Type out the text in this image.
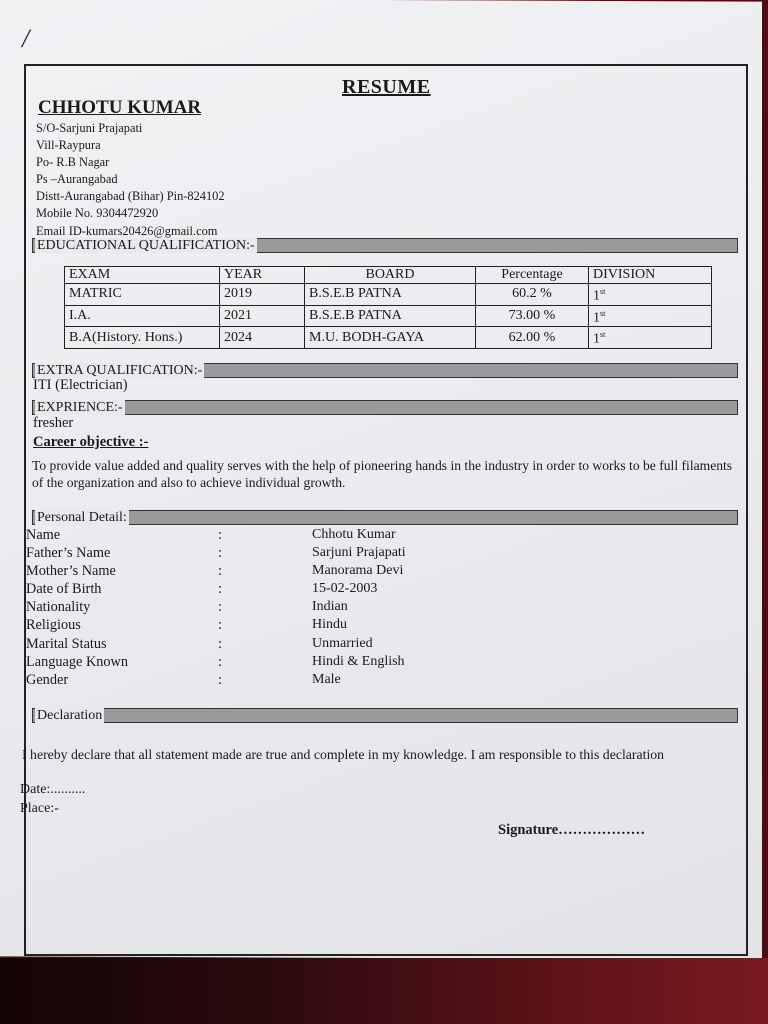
/
RESUME
CHHOTU KUMAR
S/O-Sarjuni Prajapati
Vill-Raypura
Po- R.B Nagar
Ps –Aurangabad
Distt-Aurangabad (Bihar) Pin-824102
Mobile No. 9304472920
Email ID-kumars20426@gmail.com
EDUCATIONAL QUALIFICATION:-
EXAM	YEAR	BOARD	Percentage	DIVISION
MATRIC	2019	B.S.E.B PATNA	60.2 %	1st
I.A.	2021	B.S.E.B PATNA	73.00 %	1st
B.A(History. Hons.)	2024	M.U. BODH-GAYA	62.00 %	1st
EXTRA QUALIFICATION:-
ITI (Electrician)
EXPRIENCE:-
fresher
Career objective :-
To provide value added and quality serves with the help of pioneering hands in the industry in order to works to be full filaments of the organization and also to achieve individual growth.
Personal Detail:
Name	:	Chhotu Kumar
Father’s Name	:	Sarjuni Prajapati
Mother’s Name	:	Manorama Devi
Date of Birth	:	15-02-2003
Nationality	:	Indian
Religious	:	Hindu
Marital Status	:	Unmarried
Language Known	:	Hindi & English
Gender	:	Male
Declaration
I hereby declare that all statement made are true and complete in my knowledge. I am responsible to this declaration
Date:..........
Place:-
Signature………………
